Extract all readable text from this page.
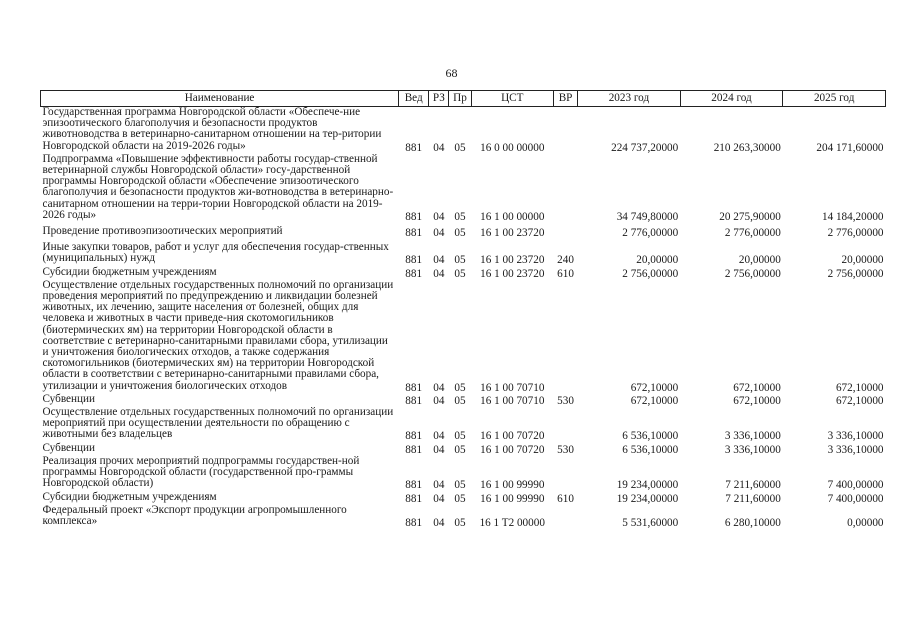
68
Наименование	Вед	РЗ	Пр	ЦСТ	ВР	2023 год	2024 год	2025 год
Государственная программа Новгородской области «Обеспече-ние эпизоотического благополучия и безопасности продуктов животноводства в ветеринарно-санитарном отношении на тер-ритории Новгородской области на 2019-2026 годы»	881	04	05	16 0 00 00000		224 737,20000	210 263,30000	204 171,60000
Подпрограмма «Повышение эффективности работы государ-ственной ветеринарной службы Новгородской области» госу-дарственной программы Новгородской области «Обеспечение эпизоотического благополучия и безопасности продуктов жи-вотноводства в ветеринарно-санитарном отношении на терри-тории Новгородской области на 2019-2026 годы»	881	04	05	16 1 00 00000		34 749,80000	20 275,90000	14 184,20000
Проведение противоэпизоотических мероприятий	881	04	05	16 1 00 23720		2 776,00000	2 776,00000	2 776,00000
Иные закупки товаров, работ и услуг для обеспечения государ-ственных (муниципальных) нужд	881	04	05	16 1 00 23720	240	20,00000	20,00000	20,00000
Субсидии бюджетным учреждениям	881	04	05	16 1 00 23720	610	2 756,00000	2 756,00000	2 756,00000
Осуществление отдельных государственных полномочий по организации проведения мероприятий по предупреждению и ликвидации болезней животных, их лечению, защите населения от болезней, общих для человека и животных в части приведе-ния скотомогильников (биотермических ям) на территории Новгородской области в соответствие с ветеринарно-санитарными правилами сбора, утилизации и уничтожения биологических отходов, а также содержания скотомогильников (биотермических ям) на территории Новгородской области в соответствии с ветеринарно-санитарными правилами сбора, утилизации и уничтожения биологических отходов	881	04	05	16 1 00 70710		672,10000	672,10000	672,10000
Субвенции	881	04	05	16 1 00 70710	530	672,10000	672,10000	672,10000
Осуществление отдельных государственных полномочий по организации мероприятий при осуществлении деятельности по обращению с животными без владельцев	881	04	05	16 1 00 70720		6 536,10000	3 336,10000	3 336,10000
Субвенции	881	04	05	16 1 00 70720	530	6 536,10000	3 336,10000	3 336,10000
Реализация прочих мероприятий подпрограммы государствен-ной программы Новгородской области (государственной про-граммы Новгородской области)	881	04	05	16 1 00 99990		19 234,00000	7 211,60000	7 400,00000
Субсидии бюджетным учреждениям	881	04	05	16 1 00 99990	610	19 234,00000	7 211,60000	7 400,00000
Федеральный проект «Экспорт продукции агропромышленного комплекса»	881	04	05	16 1 T2 00000		5 531,60000	6 280,10000	0,00000
